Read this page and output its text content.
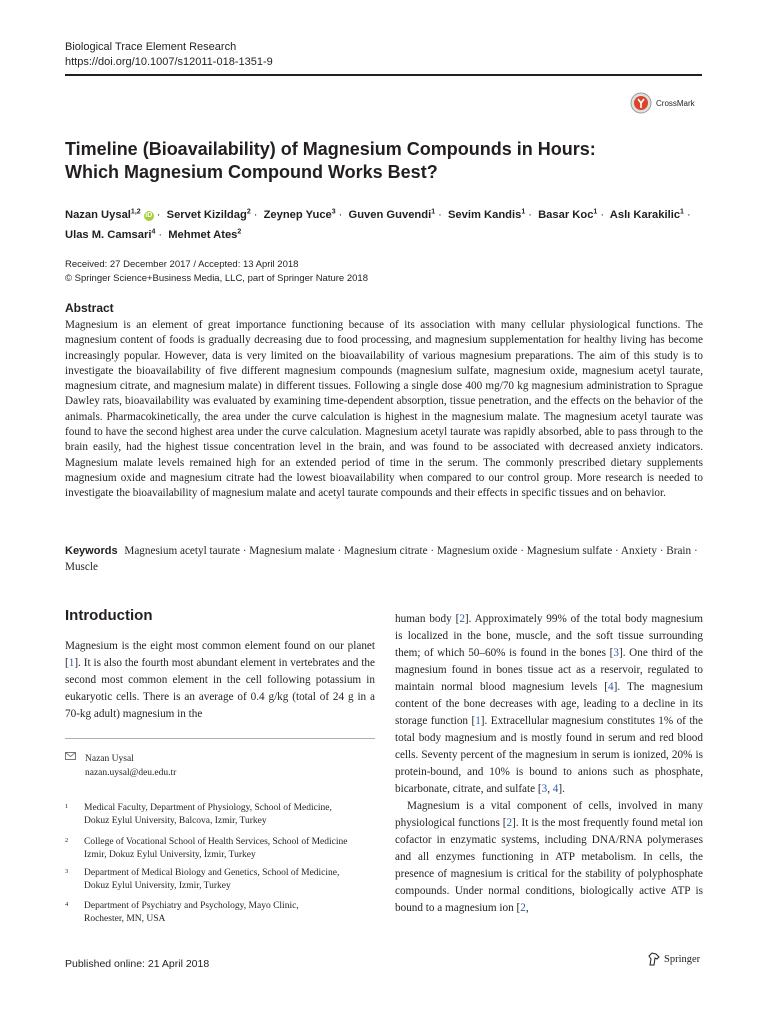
Biological Trace Element Research
https://doi.org/10.1007/s12011-018-1351-9
CrossMark
Timeline (Bioavailability) of Magnesium Compounds in Hours:
Which Magnesium Compound Works Best?
Nazan Uysal$^{1,2}$ iD · Servet Kizildag$^2$ · Zeynep Yuce$^3$ · Guven Guvendi$^1$ · Sevim Kandis$^1$ · Basar Koc$^1$ · Aslı Karakilic$^1$ ·
Ulas M. Camsari$^4$ · Mehmet Ates$^2$
Received: 27 December 2017 / Accepted: 13 April 2018
© Springer Science+Business Media, LLC, part of Springer Nature 2018
Abstract
Magnesium is an element of great importance functioning because of its association with many cellular physiological functions. The magnesium content of foods is gradually decreasing due to food processing, and magnesium supplementation for healthy living has become increasingly popular. However, data is very limited on the bioavailability of various magnesium preparations. The aim of this study is to investigate the bioavailability of five different magnesium compounds (magnesium sulfate, magnesium oxide, magnesium acetyl taurate, magnesium citrate, and magnesium malate) in different tissues. Following a single dose 400 mg/70 kg magnesium administration to Sprague Dawley rats, bioavailability was evaluated by examining time-dependent absorption, tissue penetration, and the effects on the behavior of the animals. Pharmacokinetically, the area under the curve calculation is highest in the magnesium malate. The magnesium acetyl taurate was found to have the second highest area under the curve calculation. Magnesium acetyl taurate was rapidly absorbed, able to pass through to the brain easily, had the highest tissue concentration level in the brain, and was found to be associated with decreased anxiety indicators. Magnesium malate levels remained high for an extended period of time in the serum. The commonly prescribed dietary supplements magnesium oxide and magnesium citrate had the lowest bioavailability when compared to our control group. More research is needed to investigate the bioavailability of magnesium malate and acetyl taurate compounds and their effects in specific tissues and on behavior.
Keywords Magnesium acetyl taurate · Magnesium malate · Magnesium citrate · Magnesium oxide · Magnesium sulfate · Anxiety · Brain · Muscle
Introduction

Magnesium is the eight most common element found on our planet [1]. It is also the fourth most abundant element in vertebrates and the second most common element in the cell following potassium in eukaryotic cells. There is an average of 0.4 g/kg (total of 24 g in a 70-kg adult) magnesium in the

human body [2]. Approximately 99% of the total body magnesium is localized in the bone, muscle, and the soft tissue surrounding them; of which 50–60% is found in the bones [3]. One third of the magnesium found in bones tissue act as a reservoir, regulated to maintain normal blood magnesium levels [4]. The magnesium content of the bone decreases with age, leading to a decline in its storage function [1]. Extracellular magnesium constitutes 1% of the total body magnesium and is mostly found in serum and red blood cells. Seventy percent of the magnesium in serum is ionized, 20% is protein-bound, and 10% is bound to anions such as phosphate, bicarbonate, citrate, and sulfate [3, 4].

Magnesium is a vital component of cells, involved in many physiological functions [2]. It is the most frequently found metal ion cofactor in enzymatic systems, including DNA/RNA polymerases and all enzymes functioning in ATP metabolism. In cells, the presence of magnesium is critical for the stability of polyphosphate compounds. Under normal conditions, biologically active ATP is bound to a magnesium ion [2,

Nazan Uysal
nazan.uysal@deu.edu.tr
1 Medical Faculty, Department of Physiology, School of Medicine,
Dokuz Eylul University, Balcova, Izmir, Turkey
2 College of Vocational School of Health Services, School of Medicine
Izmir, Dokuz Eylul University, İzmir, Turkey
3 Department of Medical Biology and Genetics, School of Medicine,
Dokuz Eylul University, Izmir, Turkey
4 Department of Psychiatry and Psychology, Mayo Clinic,
Rochester, MN, USA
Published online: 21 April 2018	Springer
